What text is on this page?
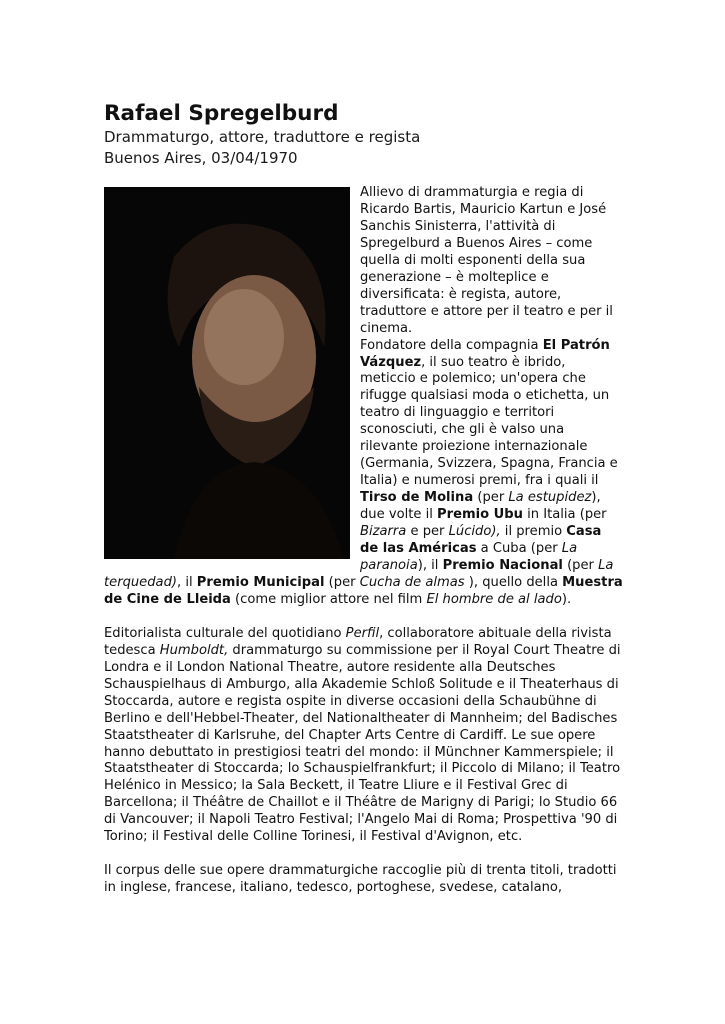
Rafael Spregelburd

Drammaturgo, attore, traduttore e regista

Buenos Aires, 03/04/1970

Allievo di drammaturgia e regia di Ricardo Bartis, Mauricio Kartun e José Sanchis Sinisterra, l'attività di Spregelburd a Buenos Aires – come quella di molti esponenti della sua generazione – è molteplice e diversificata: è regista, autore, traduttore e attore per il teatro e per il cinema.
Fondatore della compagnia El Patrón Vázquez, il suo teatro è ibrido, meticcio e polemico; un'opera che rifugge qualsiasi moda o etichetta, un teatro di linguaggio e territori sconosciuti, che gli è valso una rilevante proiezione internazionale (Germania, Svizzera, Spagna, Francia e Italia) e numerosi premi, fra i quali il Tirso de Molina (per La estupidez), due volte il Premio Ubu in Italia (per Bizarra e per Lúcido), il premio Casa de las Américas a Cuba (per La paranoia), il Premio Nacional (per La terquedad), il Premio Municipal (per Cucha de almas ), quello della Muestra de Cine de Lleida (come miglior attore nel film El hombre de al lado).

Editorialista culturale del quotidiano Perfil, collaboratore abituale della rivista tedesca Humboldt, drammaturgo su commissione per il Royal Court Theatre di Londra e il London National Theatre, autore residente alla Deutsches Schauspielhaus di Amburgo, alla Akademie Schloß Solitude e il Theaterhaus di Stoccarda, autore e regista ospite in diverse occasioni della Schaubühne di Berlino e dell'Hebbel-Theater, del Nationaltheater di Mannheim; del Badisches Staatstheater di Karlsruhe, del Chapter Arts Centre di Cardiff. Le sue opere hanno debuttato in prestigiosi teatri del mondo: il Münchner Kammerspiele; il Staatstheater di Stoccarda; lo Schauspielfrankfurt; il Piccolo di Milano; il Teatro Helénico in Messico; la Sala Beckett, il Teatre Lliure e il Festival Grec di Barcellona; il Théâtre de Chaillot e il Théâtre de Marigny di Parigi; lo Studio 66 di Vancouver; il Napoli Teatro Festival; l'Angelo Mai di Roma; Prospettiva '90 di Torino; il Festival delle Colline Torinesi, il Festival d'Avignon, etc.

Il corpus delle sue opere drammaturgiche raccoglie più di trenta titoli, tradotti in inglese, francese, italiano, tedesco, portoghese, svedese, catalano,
